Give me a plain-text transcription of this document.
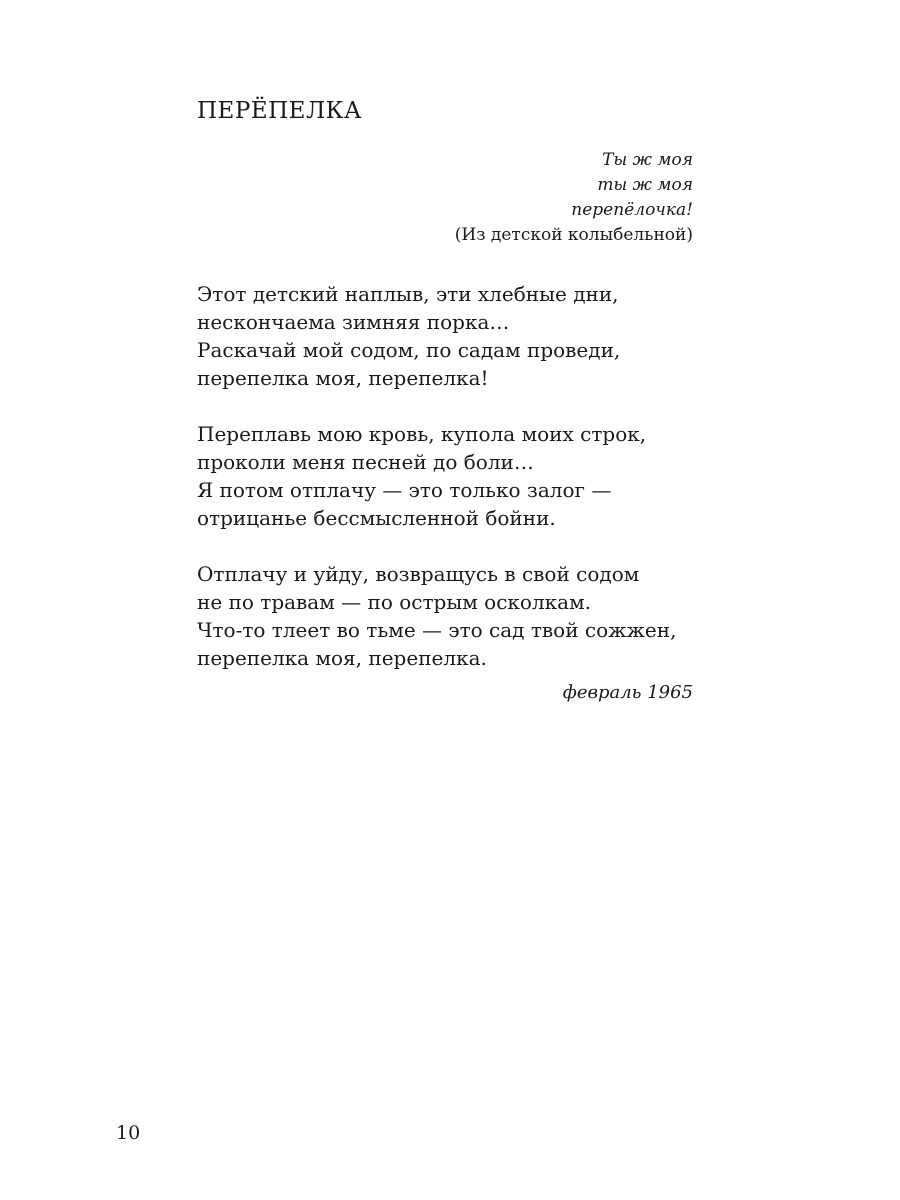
ПЕРЁПЕЛКА
Ты ж моя
ты ж моя
перепёлочка!
(Из детской колыбельной)
Этот детский наплыв, эти хлебные дни,
нескончаема зимняя порка…
Раскачай мой содом, по садам проведи,
перепелка моя, перепелка!
Переплавь мою кровь, купола моих строк,
проколи меня песней до боли…
Я потом отплачу — это только залог —
отрицанье бессмысленной бойни.
Отплачу и уйду, возвращусь в свой содом
не по травам — по острым осколкам.
Что-то тлеет во тьме — это сад твой сожжен,
перепелка моя, перепелка.
февраль 1965
10
